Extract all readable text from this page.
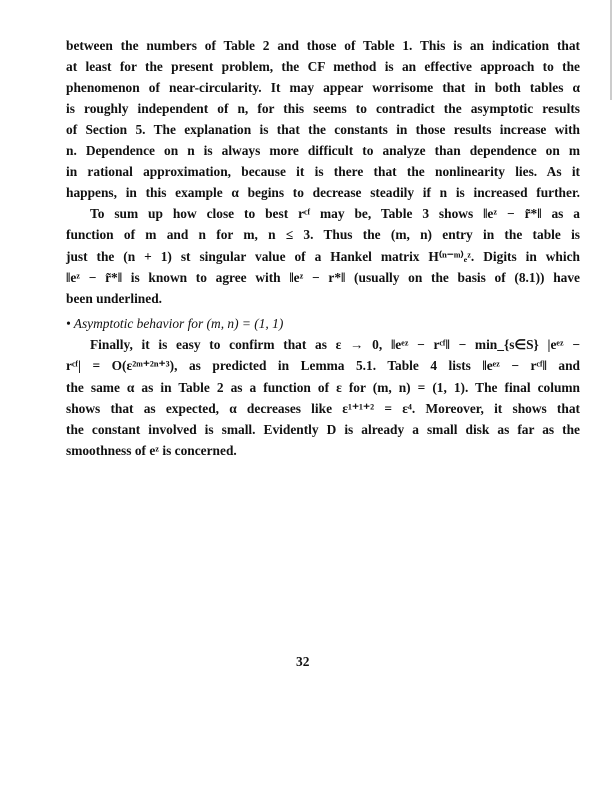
between the numbers of Table 2 and those of Table 1. This is an indication that
at least for the present problem, the CF method is an effective approach to the
phenomenon of near-circularity. It may appear worrisome that in both tables α
is roughly independent of n, for this seems to contradict the asymptotic results
of Section 5. The explanation is that the constants in those results increase with
n. Dependence on n is always more difficult to analyze than dependence on m
in rational approximation, because it is there that the nonlinearity lies. As it
happens, in this example α begins to decrease steadily if n is increased further.
To sum up how close to best rᶜᶠ may be, Table 3 shows ‖eᶻ − r̃*‖ as a
function of m and n for m, n ≤ 3. Thus the (m, n) entry in the table is
just the (n + 1) st singular value of a Hankel matrix H⁽ⁿ⁻ᵐ⁾ₑᶻ. Digits in which
‖eᶻ − r̃*‖ is known to agree with ‖eᶻ − r*‖ (usually on the basis of (8.1)) have
been underlined.
• Asymptotic behavior for (m, n) = (1, 1)
Finally, it is easy to confirm that as ε → 0, ‖eᵉᶻ − rᶜᶠ‖ − min_{s∈S} |eᵉᶻ −
rᶜᶠ| = O(ε²ᵐ⁺²ⁿ⁺³), as predicted in Lemma 5.1. Table 4 lists ‖eᵉᶻ − rᶜᶠ‖ and
the same α as in Table 2 as a function of ε for (m, n) = (1, 1). The final column
shows that as expected, α decreases like ε¹⁺¹⁺² = ε⁴. Moreover, it shows that
the constant involved is small. Evidently D is already a small disk as far as the
smoothness of eᶻ is concerned.
32
